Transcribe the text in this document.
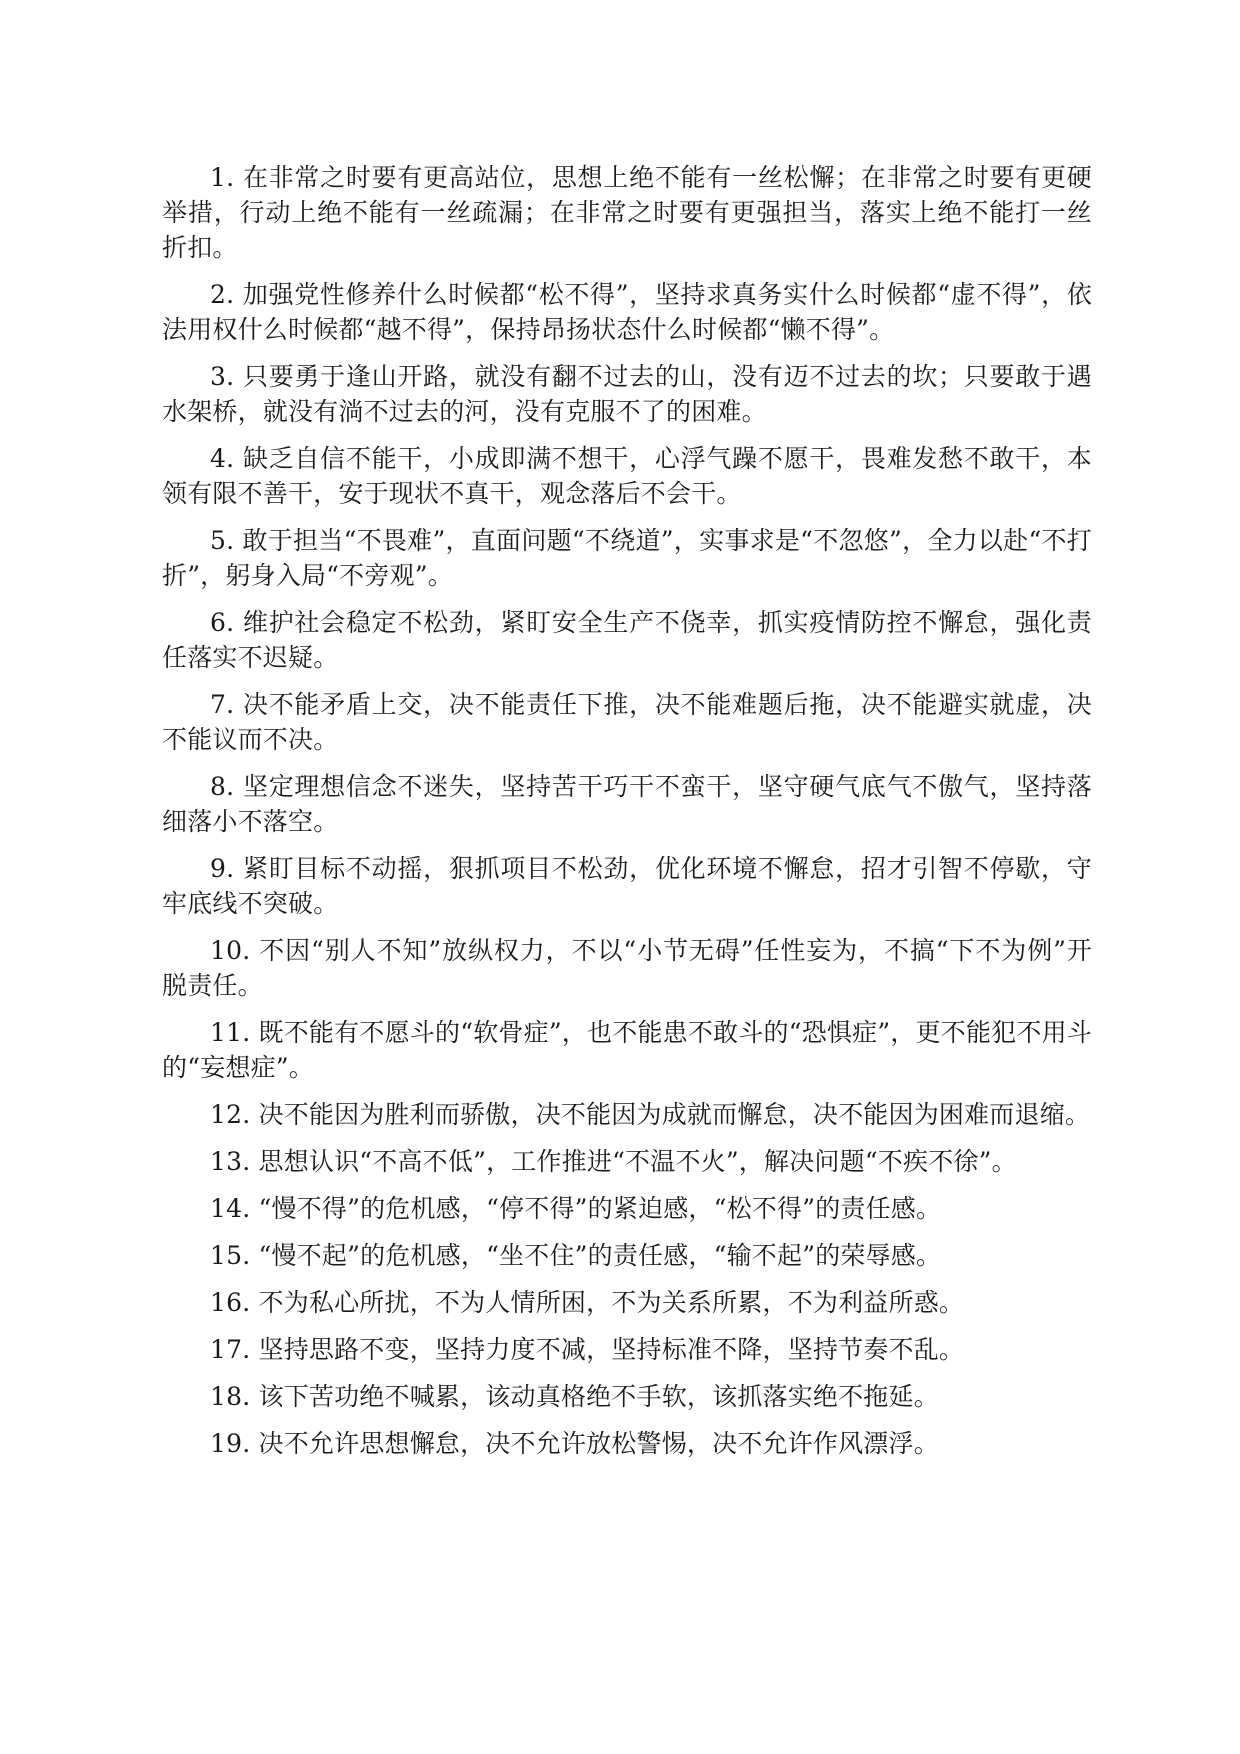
1. 在非常之时要有更高站位，思想上绝不能有一丝松懈；在非常之时要有更硬举措，行动上绝不能有一丝疏漏；在非常之时要有更强担当，落实上绝不能打一丝折扣。

2. 加强党性修养什么时候都“松不得”，坚持求真务实什么时候都“虚不得”，依法用权什么时候都“越不得”，保持昂扬状态什么时候都“懒不得”。

3. 只要勇于逢山开路，就没有翻不过去的山，没有迈不过去的坎；只要敢于遇水架桥，就没有淌不过去的河，没有克服不了的困难。

4. 缺乏自信不能干，小成即满不想干，心浮气躁不愿干，畏难发愁不敢干，本领有限不善干，安于现状不真干，观念落后不会干。

5. 敢于担当“不畏难”，直面问题“不绕道”，实事求是“不忽悠”，全力以赴“不打折”，躬身入局“不旁观”。

6. 维护社会稳定不松劲，紧盯安全生产不侥幸，抓实疫情防控不懈怠，强化责任落实不迟疑。

7. 决不能矛盾上交，决不能责任下推，决不能难题后拖，决不能避实就虚，决不能议而不决。

8. 坚定理想信念不迷失，坚持苦干巧干不蛮干，坚守硬气底气不傲气，坚持落细落小不落空。

9. 紧盯目标不动摇，狠抓项目不松劲，优化环境不懈怠，招才引智不停歇，守牢底线不突破。

10. 不因“别人不知”放纵权力，不以“小节无碍”任性妄为，不搞“下不为例”开脱责任。

11. 既不能有不愿斗的“软骨症”，也不能患不敢斗的“恐惧症”，更不能犯不用斗的“妄想症”。

12. 决不能因为胜利而骄傲，决不能因为成就而懈怠，决不能因为困难而退缩。

13. 思想认识“不高不低”，工作推进“不温不火”，解决问题“不疾不徐”。

14. “慢不得”的危机感，“停不得”的紧迫感，“松不得”的责任感。

15. “慢不起”的危机感，“坐不住”的责任感，“输不起”的荣辱感。

16. 不为私心所扰，不为人情所困，不为关系所累，不为利益所惑。

17. 坚持思路不变，坚持力度不减，坚持标准不降，坚持节奏不乱。

18. 该下苦功绝不喊累，该动真格绝不手软，该抓落实绝不拖延。

19. 决不允许思想懈怠，决不允许放松警惕，决不允许作风漂浮。
